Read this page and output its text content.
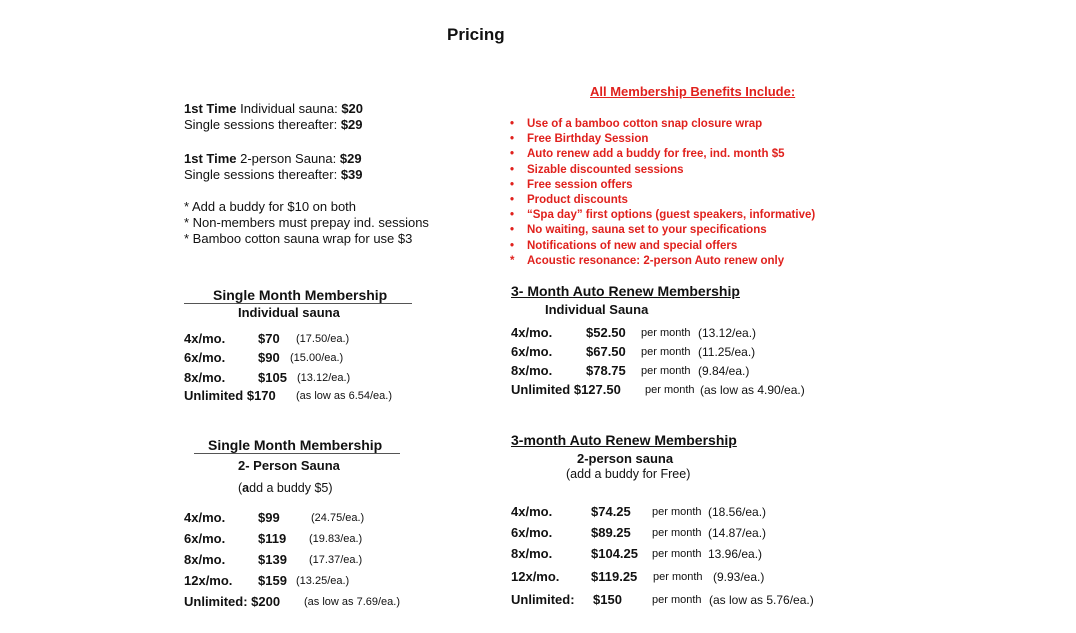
Pricing
1st Time Individual sauna: $20
Single sessions thereafter: $29
1st Time 2-person Sauna: $29
Single sessions thereafter: $39
* Add a buddy for $10 on both
* Non-members must prepay ind. sessions
* Bamboo cotton sauna wrap for use $3
All Membership Benefits Include:
• Use of a bamboo cotton snap closure wrap
• Free Birthday Session
• Auto renew add a buddy for free, ind. month $5
• Sizable discounted sessions
• Free session offers
• Product discounts
• “Spa day” first options (guest speakers, informative)
• No waiting, sauna set to your specifications
• Notifications of new and special offers
* Acoustic resonance: 2-person Auto renew only
Single Month Membership
Individual sauna
4x/mo.	$70 (17.50/ea.)
6x/mo.	$90 (15.00/ea.)
8x/mo.	$105 (13.12/ea.)
Unlimited $170 (as low as 6.54/ea.)
3- Month Auto Renew Membership
Individual Sauna
4x/mo.	$52.50 per month (13.12/ea.)
6x/mo.	$67.50 per month (11.25/ea.)
8x/mo.	$78.75 per month (9.84/ea.)
Unlimited $127.50 per month (as low as 4.90/ea.)
Single Month Membership
2- Person Sauna
(add a buddy $5)
4x/mo.	$99	(24.75/ea.)
6x/mo.	$119 (19.83/ea.)
8x/mo.	$139 (17.37/ea.)
12x/mo. $159 (13.25/ea.)
Unlimited: $200 (as low as 7.69/ea.)
3-month Auto Renew Membership
2-person sauna
(add a buddy for Free)
4x/mo.	$74.25 per month (18.56/ea.)
6x/mo.	$89.25 per month (14.87/ea.)
8x/mo.	$104.25 per month 13.96/ea.)
12x/mo. $119.25 per month (9.93/ea.)
Unlimited: $150	per month (as low as 5.76/ea.)
